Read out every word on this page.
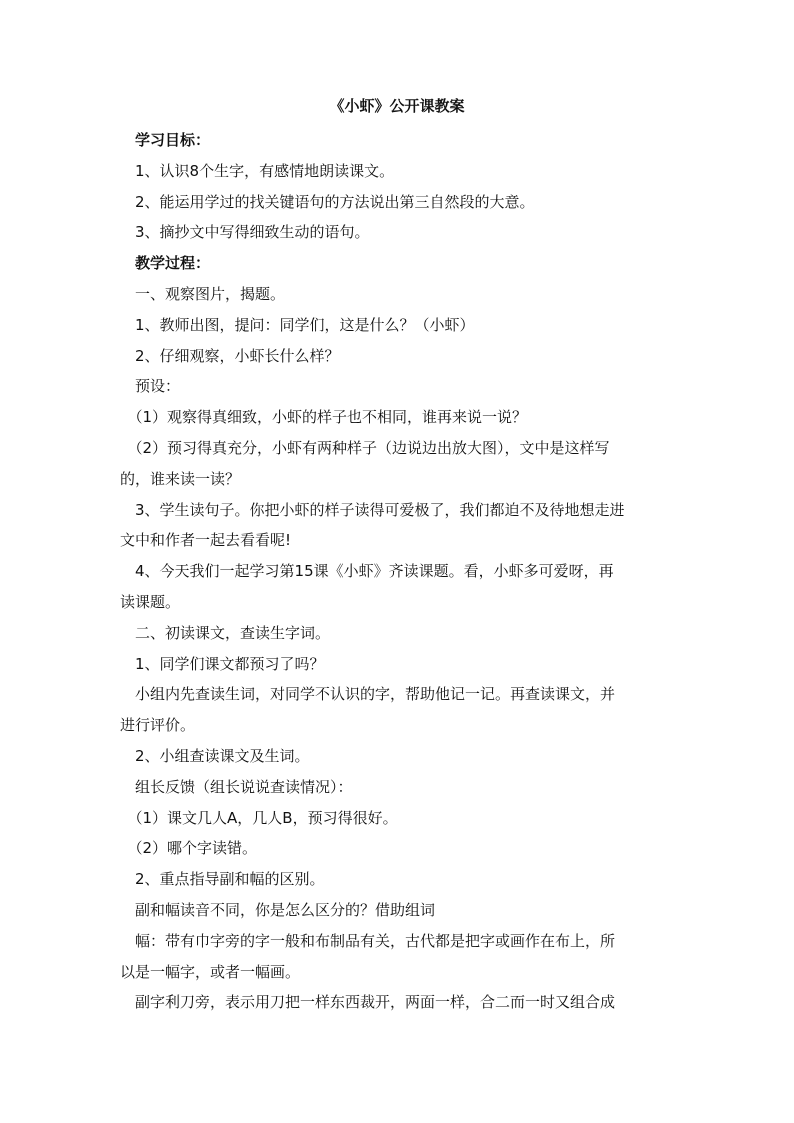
《小虾》公开课教案
学习目标：
1、认识8个生字，有感情地朗读课文。
2、能运用学过的找关键语句的方法说出第三自然段的大意。
3、摘抄文中写得细致生动的语句。
教学过程：
一、观察图片，揭题。
1、教师出图，提问：同学们，这是什么？（小虾）
2、仔细观察，小虾长什么样？
预设：
（1）观察得真细致，小虾的样子也不相同，谁再来说一说？
（2）预习得真充分，小虾有两种样子（边说边出放大图），文中是这样写
的，谁来读一读？
3、学生读句子。你把小虾的样子读得可爱极了，我们都迫不及待地想走进
文中和作者一起去看看呢!
4、今天我们一起学习第15课《小虾》齐读课题。看，小虾多可爱呀，再
读课题。
二、初读课文，查读生字词。
1、同学们课文都预习了吗？
小组内先查读生词，对同学不认识的字，帮助他记一记。再查读课文，并
进行评价。
2、小组查读课文及生词。
组长反馈（组长说说查读情况）：
（1）课文几人A，几人B，预习得很好。
（2）哪个字读错。
2、重点指导副和幅的区别。
副和幅读音不同，你是怎么区分的？借助组词
幅：带有巾字旁的字一般和布制品有关，古代都是把字或画作在布上，所
以是一幅字，或者一幅画。
副字利刀旁，表示用刀把一样东西裁开，两面一样，合二而一时又组合成
